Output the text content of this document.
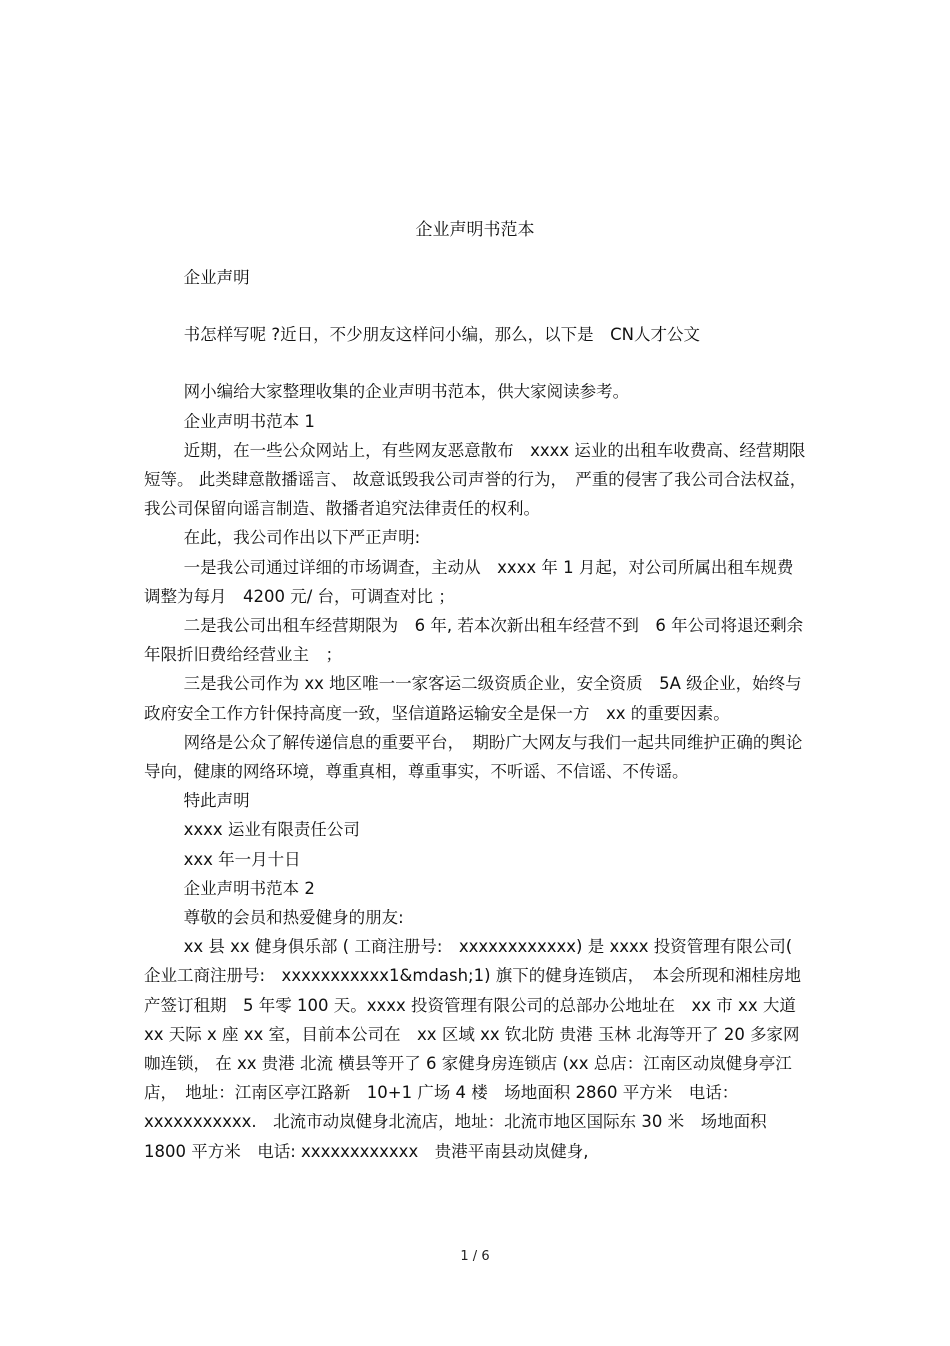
企业声明书范本

企业声明

书怎样写呢 ?近日，不少朋友这样问小编，那么，以下是　CN人才公文

网小编给大家整理收集的企业声明书范本，供大家阅读参考。

企业声明书范本 1

近期，在一些公众网站上，有些网友恶意散布　xxxx 运业的出租车收费高、经营期限短等。 此类肆意散播谣言、 故意诋毁我公司声誉的行为，　严重的侵害了我公司合法权益，我公司保留向谣言制造、散播者追究法律责任的权利。

在此，我公司作出以下严正声明:

一是我公司通过详细的市场调查，主动从　xxxx 年 1 月起，对公司所属出租车规费调整为每月　4200 元/ 台，可调查对比 ；

二是我公司出租车经营期限为　6 年, 若本次新出租车经营不到　6 年公司将退还剩余年限折旧费给经营业主　；

三是我公司作为 xx 地区唯一一家客运二级资质企业，安全资质　5A 级企业，始终与政府安全工作方针保持高度一致，坚信道路运输安全是保一方　xx 的重要因素。

网络是公众了解传递信息的重要平台，　期盼广大网友与我们一起共同维护正确的舆论导向，健康的网络环境，尊重真相，尊重事实，不听谣、不信谣、不传谣。

特此声明

xxxx 运业有限责任公司

xxx 年一月十日

企业声明书范本 2

尊敬的会员和热爱健身的朋友:

xx 县 xx 健身俱乐部 ( 工商注册号:　xxxxxxxxxxxx) 是 xxxx 投资管理有限公司( 企业工商注册号:　xxxxxxxxxxx1&mdash;1) 旗下的健身连锁店，　本会所现和湘桂房地产签订租期　5 年零 100 天。xxxx 投资管理有限公司的总部办公地址在　xx 市 xx 大道 xx 天际 x 座 xx 室，目前本公司在　xx 区域 xx 钦北防 贵港 玉林 北海等开了 20 多家网咖连锁， 在 xx 贵港 北流 横县等开了 6 家健身房连锁店 (xx 总店：江南区动岚健身亭江店，　地址：江南区亭江路新　10+1 广场 4 楼　场地面积 2860 平方米　电话：xxxxxxxxxxx.　北流市动岚健身北流店，地址：北流市地区国际东 30 米　场地面积 1800 平方米　电话: xxxxxxxxxxxx　贵港平南县动岚健身,

1 / 6
